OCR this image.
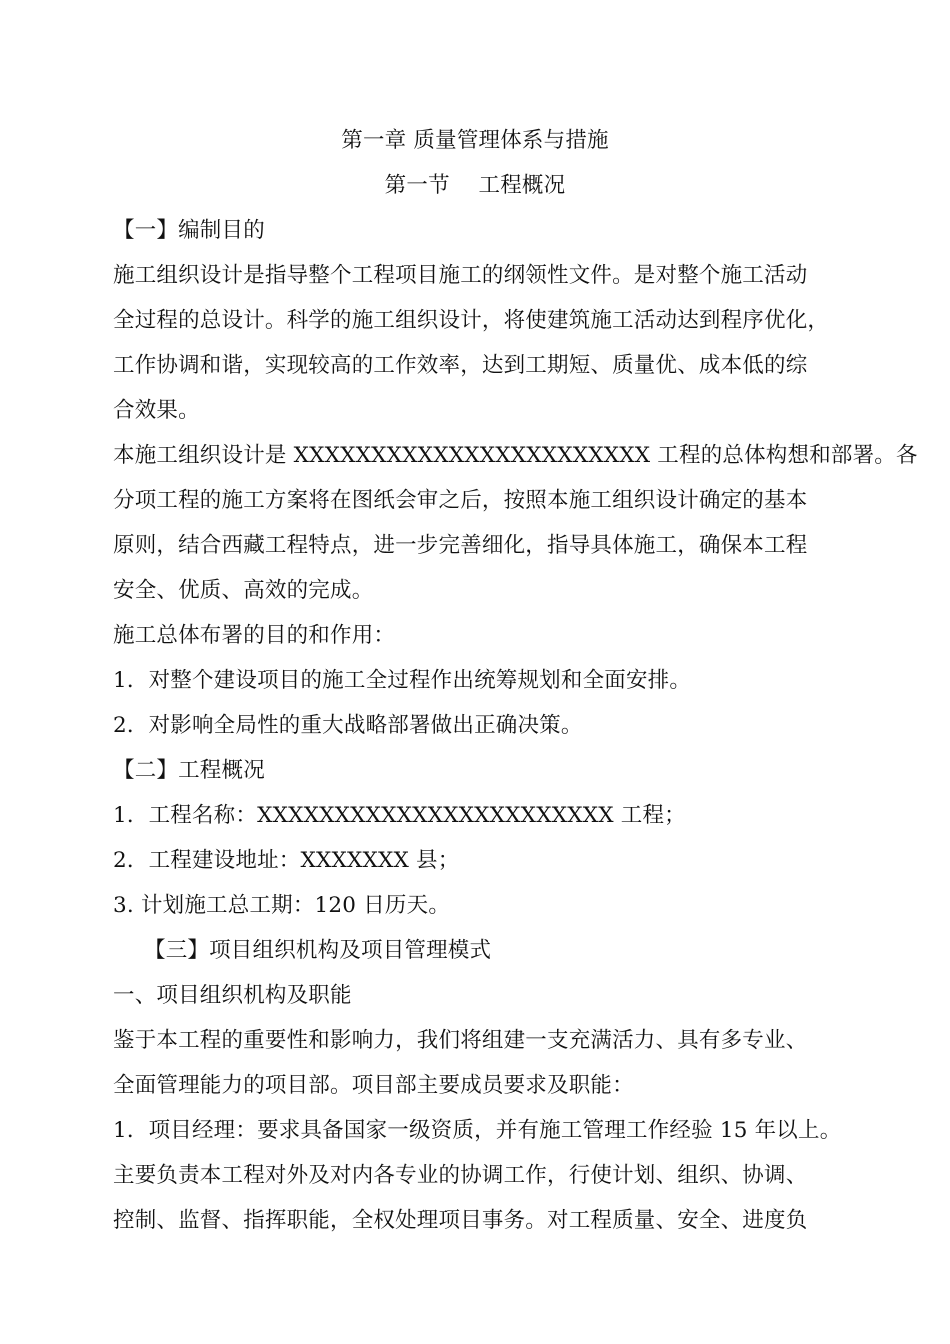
第一章 质量管理体系与措施
第一节　 工程概况
【一】编制目的
施工组织设计是指导整个工程项目施工的纲领性文件。是对整个施工活动
全过程的总设计。科学的施工组织设计，将使建筑施工活动达到程序优化，
工作协调和谐，实现较高的工作效率，达到工期短、质量优、成本低的综
合效果。
本施工组织设计是 XXXXXXXXXXXXXXXXXXXXXXX 工程的总体构想和部署。各
分项工程的施工方案将在图纸会审之后，按照本施工组织设计确定的基本
原则，结合西藏工程特点，进一步完善细化，指导具体施工，确保本工程
安全、优质、高效的完成。
施工总体布署的目的和作用：
1．对整个建设项目的施工全过程作出统筹规划和全面安排。
2．对影响全局性的重大战略部署做出正确决策。
【二】工程概况
1．工程名称：XXXXXXXXXXXXXXXXXXXXXXX 工程；
2．工程建设地址：XXXXXXX 县；
3. 计划施工总工期：120 日历天。
【三】项目组织机构及项目管理模式
一、项目组织机构及职能
鉴于本工程的重要性和影响力，我们将组建一支充满活力、具有多专业、
全面管理能力的项目部。项目部主要成员要求及职能：
1．项目经理：要求具备国家一级资质，并有施工管理工作经验 15 年以上。
主要负责本工程对外及对内各专业的协调工作，行使计划、组织、协调、
控制、监督、指挥职能，全权处理项目事务。对工程质量、安全、进度负
